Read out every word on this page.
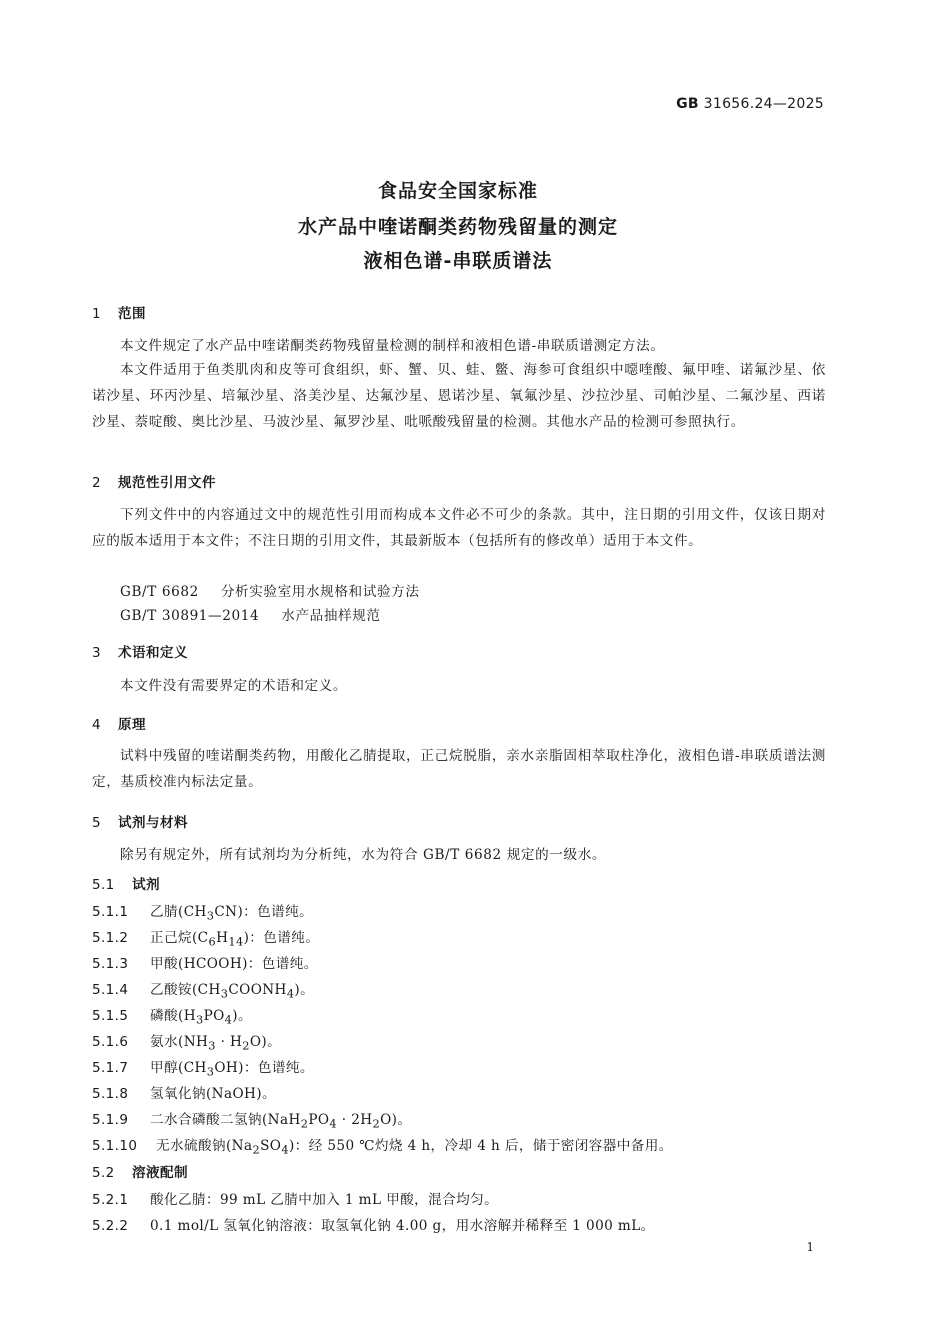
GB 31656.24—2025
食品安全国家标准
水产品中喹诺酮类药物残留量的测定
液相色谱-串联质谱法
1 范围
本文件规定了水产品中喹诺酮类药物残留量检测的制样和液相色谱-串联质谱测定方法。
本文件适用于鱼类肌肉和皮等可食组织，虾、蟹、贝、蛙、鳖、海参可食组织中噁喹酸、氟甲喹、诺氟沙星、依诺沙星、环丙沙星、培氟沙星、洛美沙星、达氟沙星、恩诺沙星、氧氟沙星、沙拉沙星、司帕沙星、二氟沙星、西诺沙星、萘啶酸、奥比沙星、马波沙星、氟罗沙星、吡哌酸残留量的检测。其他水产品的检测可参照执行。
2 规范性引用文件
下列文件中的内容通过文中的规范性引用而构成本文件必不可少的条款。其中，注日期的引用文件，仅该日期对应的版本适用于本文件；不注日期的引用文件，其最新版本（包括所有的修改单）适用于本文件。
GB/T 6682 分析实验室用水规格和试验方法
GB/T 30891—2014 水产品抽样规范
3 术语和定义
本文件没有需要界定的术语和定义。
4 原理
试料中残留的喹诺酮类药物，用酸化乙腈提取，正己烷脱脂，亲水亲脂固相萃取柱净化，液相色谱-串联质谱法测定，基质校准内标法定量。
5 试剂与材料
除另有规定外，所有试剂均为分析纯，水为符合 GB/T 6682 规定的一级水。
5.1 试剂
5.1.1 乙腈$(CH_3CN)$：色谱纯。
5.1.2 正己烷$(C_6H_{14})$：色谱纯。
5.1.3 甲酸(HCOOH)：色谱纯。
5.1.4 乙酸铵$(CH_3COONH_4)$。
5.1.5 磷酸$(H_3PO_4)$。
5.1.6 氨水$(NH_3 \cdot H_2O)$。
5.1.7 甲醇$(CH_3OH)$：色谱纯。
5.1.8 氢氧化钠(NaOH)。
5.1.9 二水合磷酸二氢钠$(NaH_2PO_4 \cdot 2H_2O)$。
5.1.10 无水硫酸钠$(Na_2SO_4)$：经 550 ℃灼烧 4 h，冷却 4 h 后，储于密闭容器中备用。
5.2 溶液配制
5.2.1 酸化乙腈：99 mL 乙腈中加入 1 mL 甲酸，混合均匀。
5.2.2 0.1 mol/L 氢氧化钠溶液：取氢氧化钠 4.00 g，用水溶解并稀释至 1 000 mL。
1
